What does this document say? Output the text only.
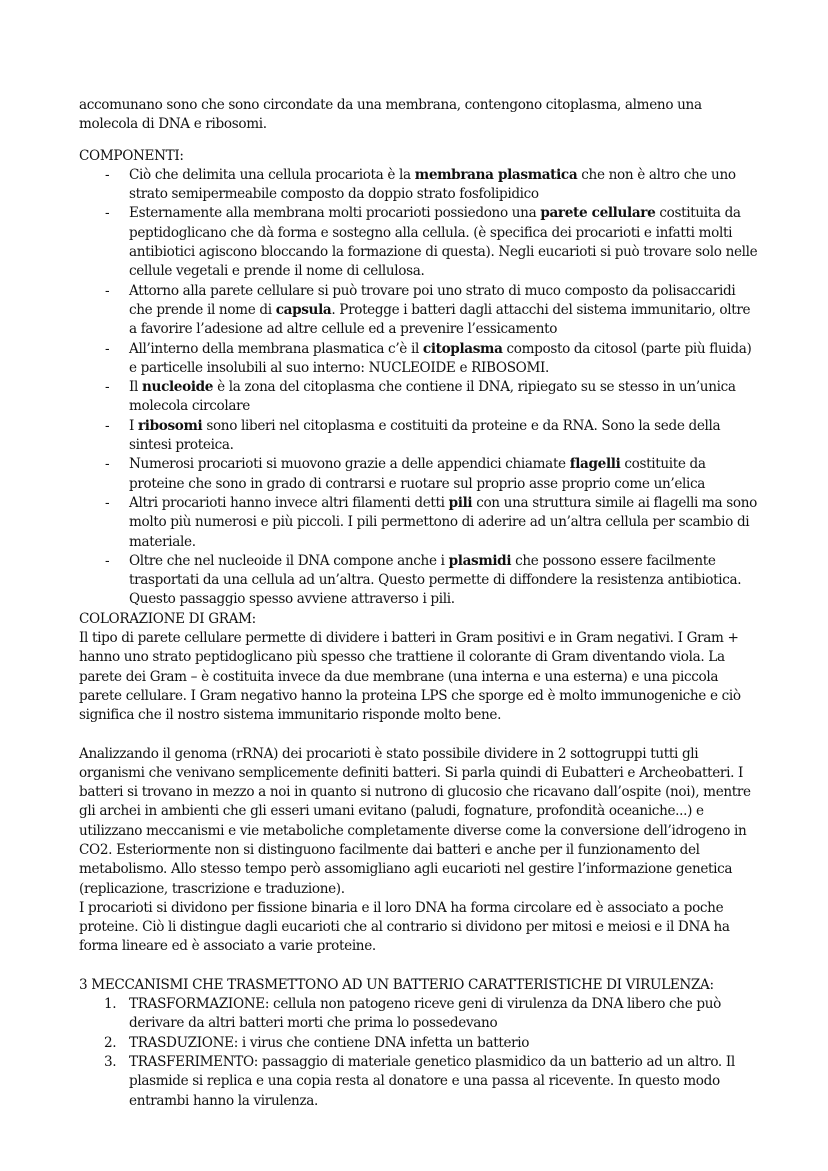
accomunano sono che sono circondate da una membrana, contengono citoplasma, almeno una molecola di DNA e ribosomi.

COMPONENTI:

- Ciò che delimita una cellula procariota è la membrana plasmatica che non è altro che uno strato semipermeabile composto da doppio strato fosfolipidico
- Esternamente alla membrana molti procarioti possiedono una parete cellulare costituita da peptidoglicano che dà forma e sostegno alla cellula. (è specifica dei procarioti e infatti molti antibiotici agiscono bloccando la formazione di questa). Negli eucarioti si può trovare solo nelle cellule vegetali e prende il nome di cellulosa.
- Attorno alla parete cellulare si può trovare poi uno strato di muco composto da polisaccaridi che prende il nome di capsula. Protegge i batteri dagli attacchi del sistema immunitario, oltre a favorire l’adesione ad altre cellule ed a prevenire l’essicamento
- All’interno della membrana plasmatica c’è il citoplasma composto da citosol (parte più fluida) e particelle insolubili al suo interno: NUCLEOIDE e RIBOSOMI.
- Il nucleoide è la zona del citoplasma che contiene il DNA, ripiegato su se stesso in un’unica molecola circolare
- I ribosomi sono liberi nel citoplasma e costituiti da proteine e da RNA. Sono la sede della sintesi proteica.
- Numerosi procarioti si muovono grazie a delle appendici chiamate flagelli costituite da proteine che sono in grado di contrarsi e ruotare sul proprio asse proprio come un’elica
- Altri procarioti hanno invece altri filamenti detti pili con una struttura simile ai flagelli ma sono molto più numerosi e più piccoli. I pili permettono di aderire ad un’altra cellula per scambio di materiale.
- Oltre che nel nucleoide il DNA compone anche i plasmidi che possono essere facilmente trasportati da una cellula ad un’altra. Questo permette di diffondere la resistenza antibiotica. Questo passaggio spesso avviene attraverso i pili.

COLORAZIONE DI GRAM:

Il tipo di parete cellulare permette di dividere i batteri in Gram positivi e in Gram negativi. I Gram + hanno uno strato peptidoglicano più spesso che trattiene il colorante di Gram diventando viola. La parete dei Gram – è costituita invece da due membrane (una interna e una esterna) e una piccola parete cellulare. I Gram negativo hanno la proteina LPS che sporge ed è molto immunogeniche e ciò significa che il nostro sistema immunitario risponde molto bene.

Analizzando il genoma (rRNA) dei procarioti è stato possibile dividere in 2 sottogruppi tutti gli organismi che venivano semplicemente definiti batteri. Si parla quindi di Eubatteri e Archeobatteri. I batteri si trovano in mezzo a noi in quanto si nutrono di glucosio che ricavano dall’ospite (noi), mentre gli archei in ambienti che gli esseri umani evitano (paludi, fognature, profondità oceaniche...) e utilizzano meccanismi e vie metaboliche completamente diverse come la conversione dell’idrogeno in CO2. Esteriormente non si distinguono facilmente dai batteri e anche per il funzionamento del metabolismo. Allo stesso tempo però assomigliano agli eucarioti nel gestire l’informazione genetica (replicazione, trascrizione e traduzione).

I procarioti si dividono per fissione binaria e il loro DNA ha forma circolare ed è associato a poche proteine. Ciò li distingue dagli eucarioti che al contrario si dividono per mitosi e meiosi e il DNA ha forma lineare ed è associato a varie proteine.

3 MECCANISMI CHE TRASMETTONO AD UN BATTERIO CARATTERISTICHE DI VIRULENZA:

1. TRASFORMAZIONE: cellula non patogeno riceve geni di virulenza da DNA libero che può derivare da altri batteri morti che prima lo possedevano
2. TRASDUZIONE: i virus che contiene DNA infetta un batterio
3. TRASFERIMENTO: passaggio di materiale genetico plasmidico da un batterio ad un altro. Il plasmide si replica e una copia resta al donatore e una passa al ricevente. In questo modo entrambi hanno la virulenza.
